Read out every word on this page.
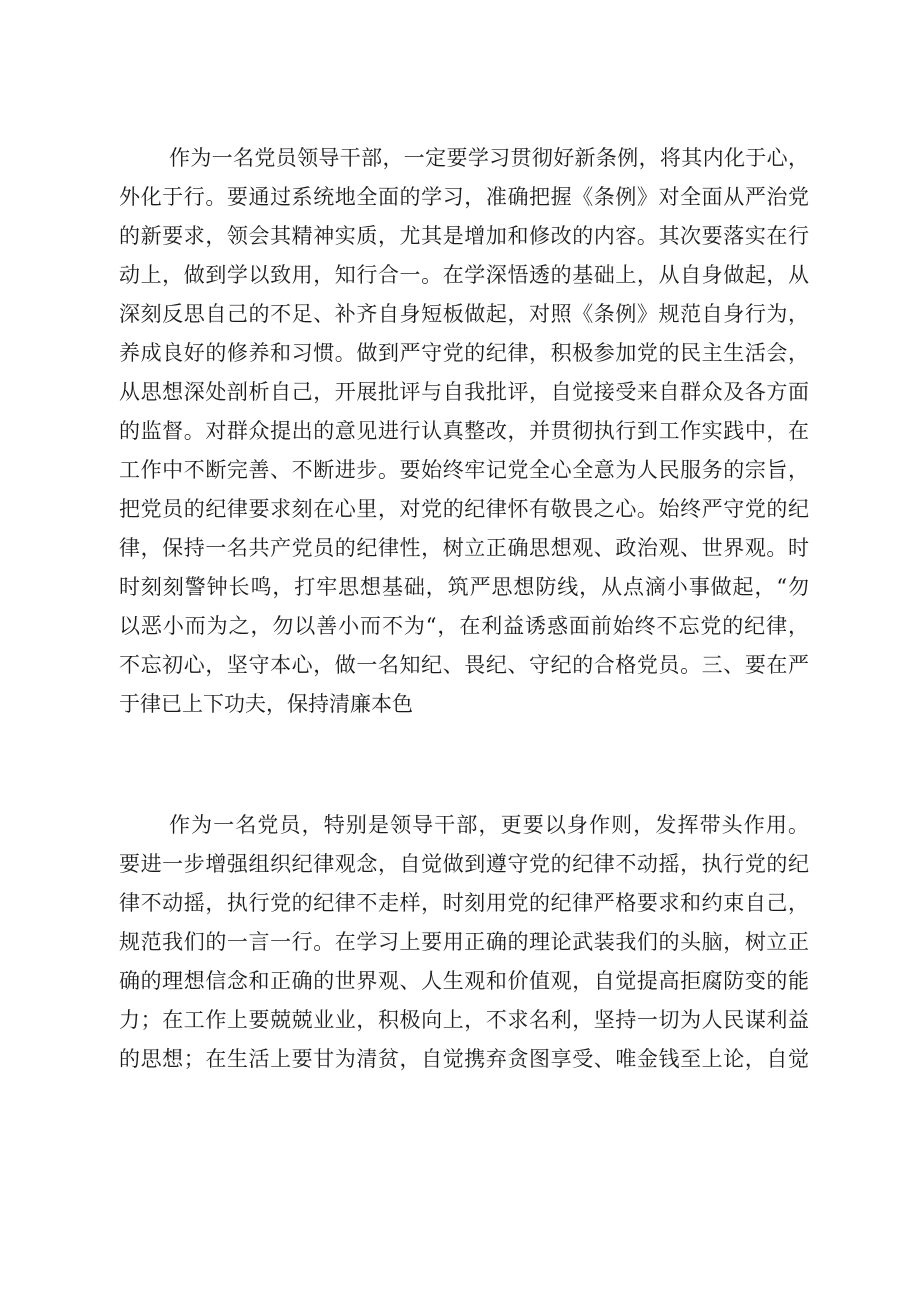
作为一名党员领导干部，一定要学习贯彻好新条例，将其内化于心，
外化于行。要通过系统地全面的学习，准确把握《条例》对全面从严治党
的新要求，领会其精神实质，尤其是增加和修改的内容。其次要落实在行
动上，做到学以致用，知行合一。在学深悟透的基础上，从自身做起，从
深刻反思自己的不足、补齐自身短板做起，对照《条例》规范自身行为，
养成良好的修养和习惯。做到严守党的纪律，积极参加党的民主生活会，
从思想深处剖析自己，开展批评与自我批评，自觉接受来自群众及各方面
的监督。对群众提出的意见进行认真整改，并贯彻执行到工作实践中，在
工作中不断完善、不断进步。要始终牢记党全心全意为人民服务的宗旨，
把党员的纪律要求刻在心里，对党的纪律怀有敬畏之心。始终严守党的纪
律，保持一名共产党员的纪律性，树立正确思想观、政治观、世界观。时
时刻刻警钟长鸣，打牢思想基础，筑严思想防线，从点滴小事做起，“勿
以恶小而为之，勿以善小而不为“，在利益诱惑面前始终不忘党的纪律，
不忘初心，坚守本心，做一名知纪、畏纪、守纪的合格党员。三、要在严
于律已上下功夫，保持清廉本色
作为一名党员，特别是领导干部，更要以身作则，发挥带头作用。
要进一步增强组织纪律观念，自觉做到遵守党的纪律不动摇，执行党的纪
律不动摇，执行党的纪律不走样，时刻用党的纪律严格要求和约束自己，
规范我们的一言一行。在学习上要用正确的理论武装我们的头脑，树立正
确的理想信念和正确的世界观、人生观和价值观，自觉提高拒腐防变的能
力；在工作上要兢兢业业，积极向上，不求名利，坚持一切为人民谋利益
的思想；在生活上要甘为清贫，自觉携弃贪图享受、唯金钱至上论，自觉
